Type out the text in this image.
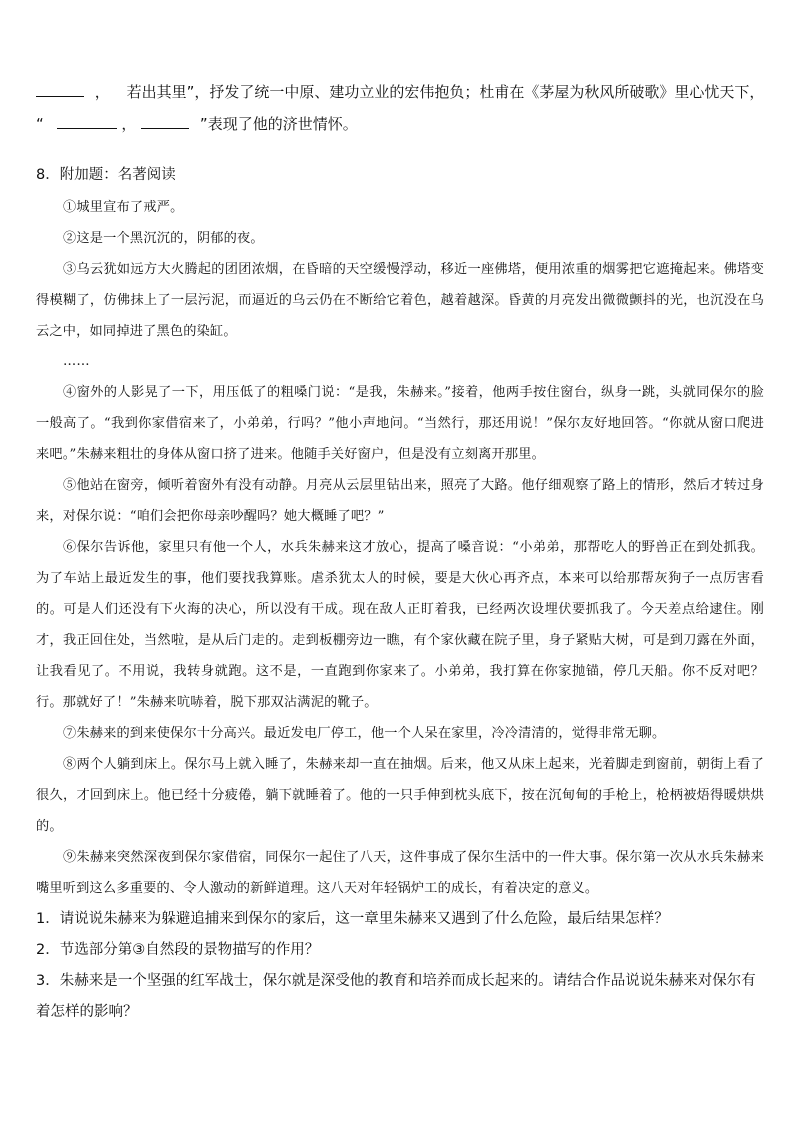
， 若出其里”，抒发了统一中原、建功立业的宏伟抱负；杜甫在《茅屋为秋风所破歌》里心忧天下，
“	，	”表现了他的济世情怀。
8．附加题：名著阅读
①城里宣布了戒严。
②这是一个黑沉沉的，阴郁的夜。
③乌云犹如远方大火腾起的团团浓烟，在昏暗的天空缓慢浮动，移近一座佛塔，便用浓重的烟雾把它遮掩起来。佛塔变得模糊了，仿佛抹上了一层污泥，而逼近的乌云仍在不断给它着色，越着越深。昏黄的月亮发出微微颤抖的光，也沉没在乌云之中，如同掉进了黑色的染缸。
……
④窗外的人影晃了一下，用压低了的粗嗓门说：“是我，朱赫来。”接着，他两手按住窗台，纵身一跳，头就同保尔的脸一般高了。“我到你家借宿来了，小弟弟，行吗？”他小声地问。“当然行，那还用说！”保尔友好地回答。“你就从窗口爬进来吧。”朱赫来粗壮的身体从窗口挤了进来。他随手关好窗户，但是没有立刻离开那里。
⑤他站在窗旁，倾听着窗外有没有动静。月亮从云层里钻出来，照亮了大路。他仔细观察了路上的情形，然后才转过身来，对保尔说：“咱们会把你母亲吵醒吗？她大概睡了吧？”
⑥保尔告诉他，家里只有他一个人，水兵朱赫来这才放心，提高了嗓音说：“小弟弟，那帮吃人的野兽正在到处抓我。为了车站上最近发生的事，他们要找我算账。虐杀犹太人的时候，要是大伙心再齐点，本来可以给那帮灰狗子一点厉害看的。可是人们还没有下火海的决心，所以没有干成。现在敌人正盯着我，已经两次设埋伏要抓我了。今天差点给逮住。刚才，我正回住处，当然啦，是从后门走的。走到板棚旁边一瞧，有个家伙藏在院子里，身子紧贴大树，可是到刀露在外面，让我看见了。不用说，我转身就跑。这不是，一直跑到你家来了。小弟弟，我打算在你家抛锚，停几天船。你不反对吧？行。那就好了！”朱赫来吭哧着，脱下那双沾满泥的靴子。
⑦朱赫来的到来使保尔十分高兴。最近发电厂停工，他一个人呆在家里，冷冷清清的，觉得非常无聊。
⑧两个人躺到床上。保尔马上就入睡了，朱赫来却一直在抽烟。后来，他又从床上起来，光着脚走到窗前，朝街上看了很久，才回到床上。他已经十分疲倦，躺下就睡着了。他的一只手伸到枕头底下，按在沉甸甸的手枪上，枪柄被焐得暖烘烘的。
⑨朱赫来突然深夜到保尔家借宿，同保尔一起住了八天，这件事成了保尔生活中的一件大事。保尔第一次从水兵朱赫来嘴里听到这么多重要的、令人激动的新鲜道理。这八天对年轻锅炉工的成长，有着决定的意义。
1．请说说朱赫来为躲避追捕来到保尔的家后，这一章里朱赫来又遇到了什么危险，最后结果怎样？
2．节选部分第③自然段的景物描写的作用？
3．朱赫来是一个坚强的红军战士，保尔就是深受他的教育和培养而成长起来的。请结合作品说说朱赫来对保尔有着怎样的影响？
